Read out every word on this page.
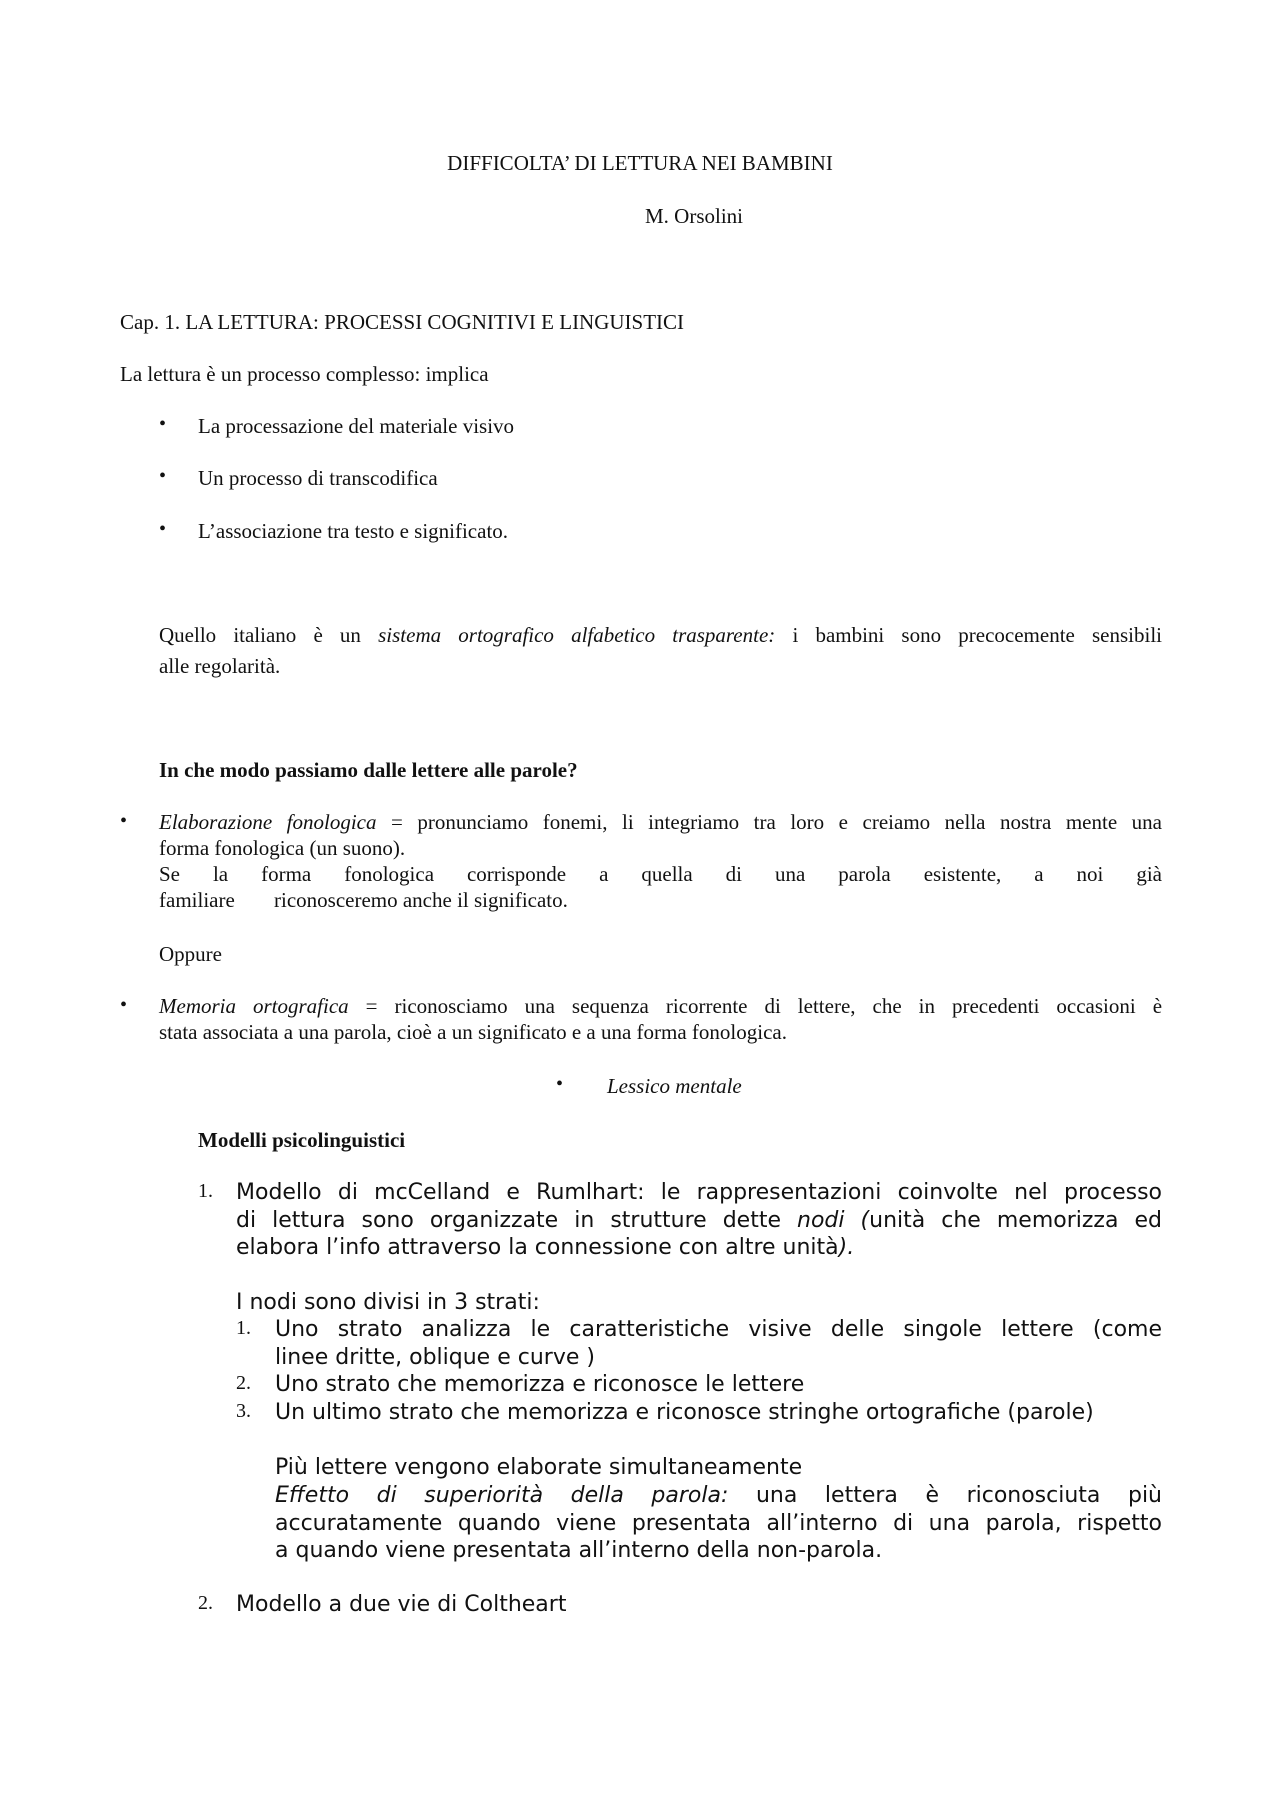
DIFFICOLTA’ DI LETTURA NEI BAMBINI
M. Orsolini
Cap. 1. LA LETTURA: PROCESSI COGNITIVI E LINGUISTICI
La lettura è un processo complesso: implica
• La processazione del materiale visivo
• Un processo di transcodifica
• L’associazione tra testo e significato.
Quello italiano è un sistema ortografico alfabetico trasparente: i bambini sono precocemente sensibili
alle regolarità.
In che modo passiamo dalle lettere alle parole?
• Elaborazione fonologica = pronunciamo fonemi, li integriamo tra loro e creiamo nella nostra mente una
forma fonologica (un suono).
Se la forma fonologica corrisponde a quella di una parola esistente, a noi già
familiare riconosceremo anche il significato.
Oppure
• Memoria ortografica = riconosciamo una sequenza ricorrente di lettere, che in precedenti occasioni è
stata associata a una parola, cioè a un significato e a una forma fonologica.
• Lessico mentale
Modelli psicolinguistici
1. Modello di mcCelland e Rumlhart: le rappresentazioni coinvolte nel processo
di lettura sono organizzate in strutture dette nodi (unità che memorizza ed
elabora l’info attraverso la connessione con altre unità).
I nodi sono divisi in 3 strati:
1. Uno strato analizza le caratteristiche visive delle singole lettere (come
linee dritte, oblique e curve )
2. Uno strato che memorizza e riconosce le lettere
3. Un ultimo strato che memorizza e riconosce stringhe ortografiche (parole)
Più lettere vengono elaborate simultaneamente
Effetto di superiorità della parola: una lettera è riconosciuta più
accuratamente quando viene presentata all’interno di una parola, rispetto
a quando viene presentata all’interno della non-parola.
2. Modello a due vie di Coltheart
